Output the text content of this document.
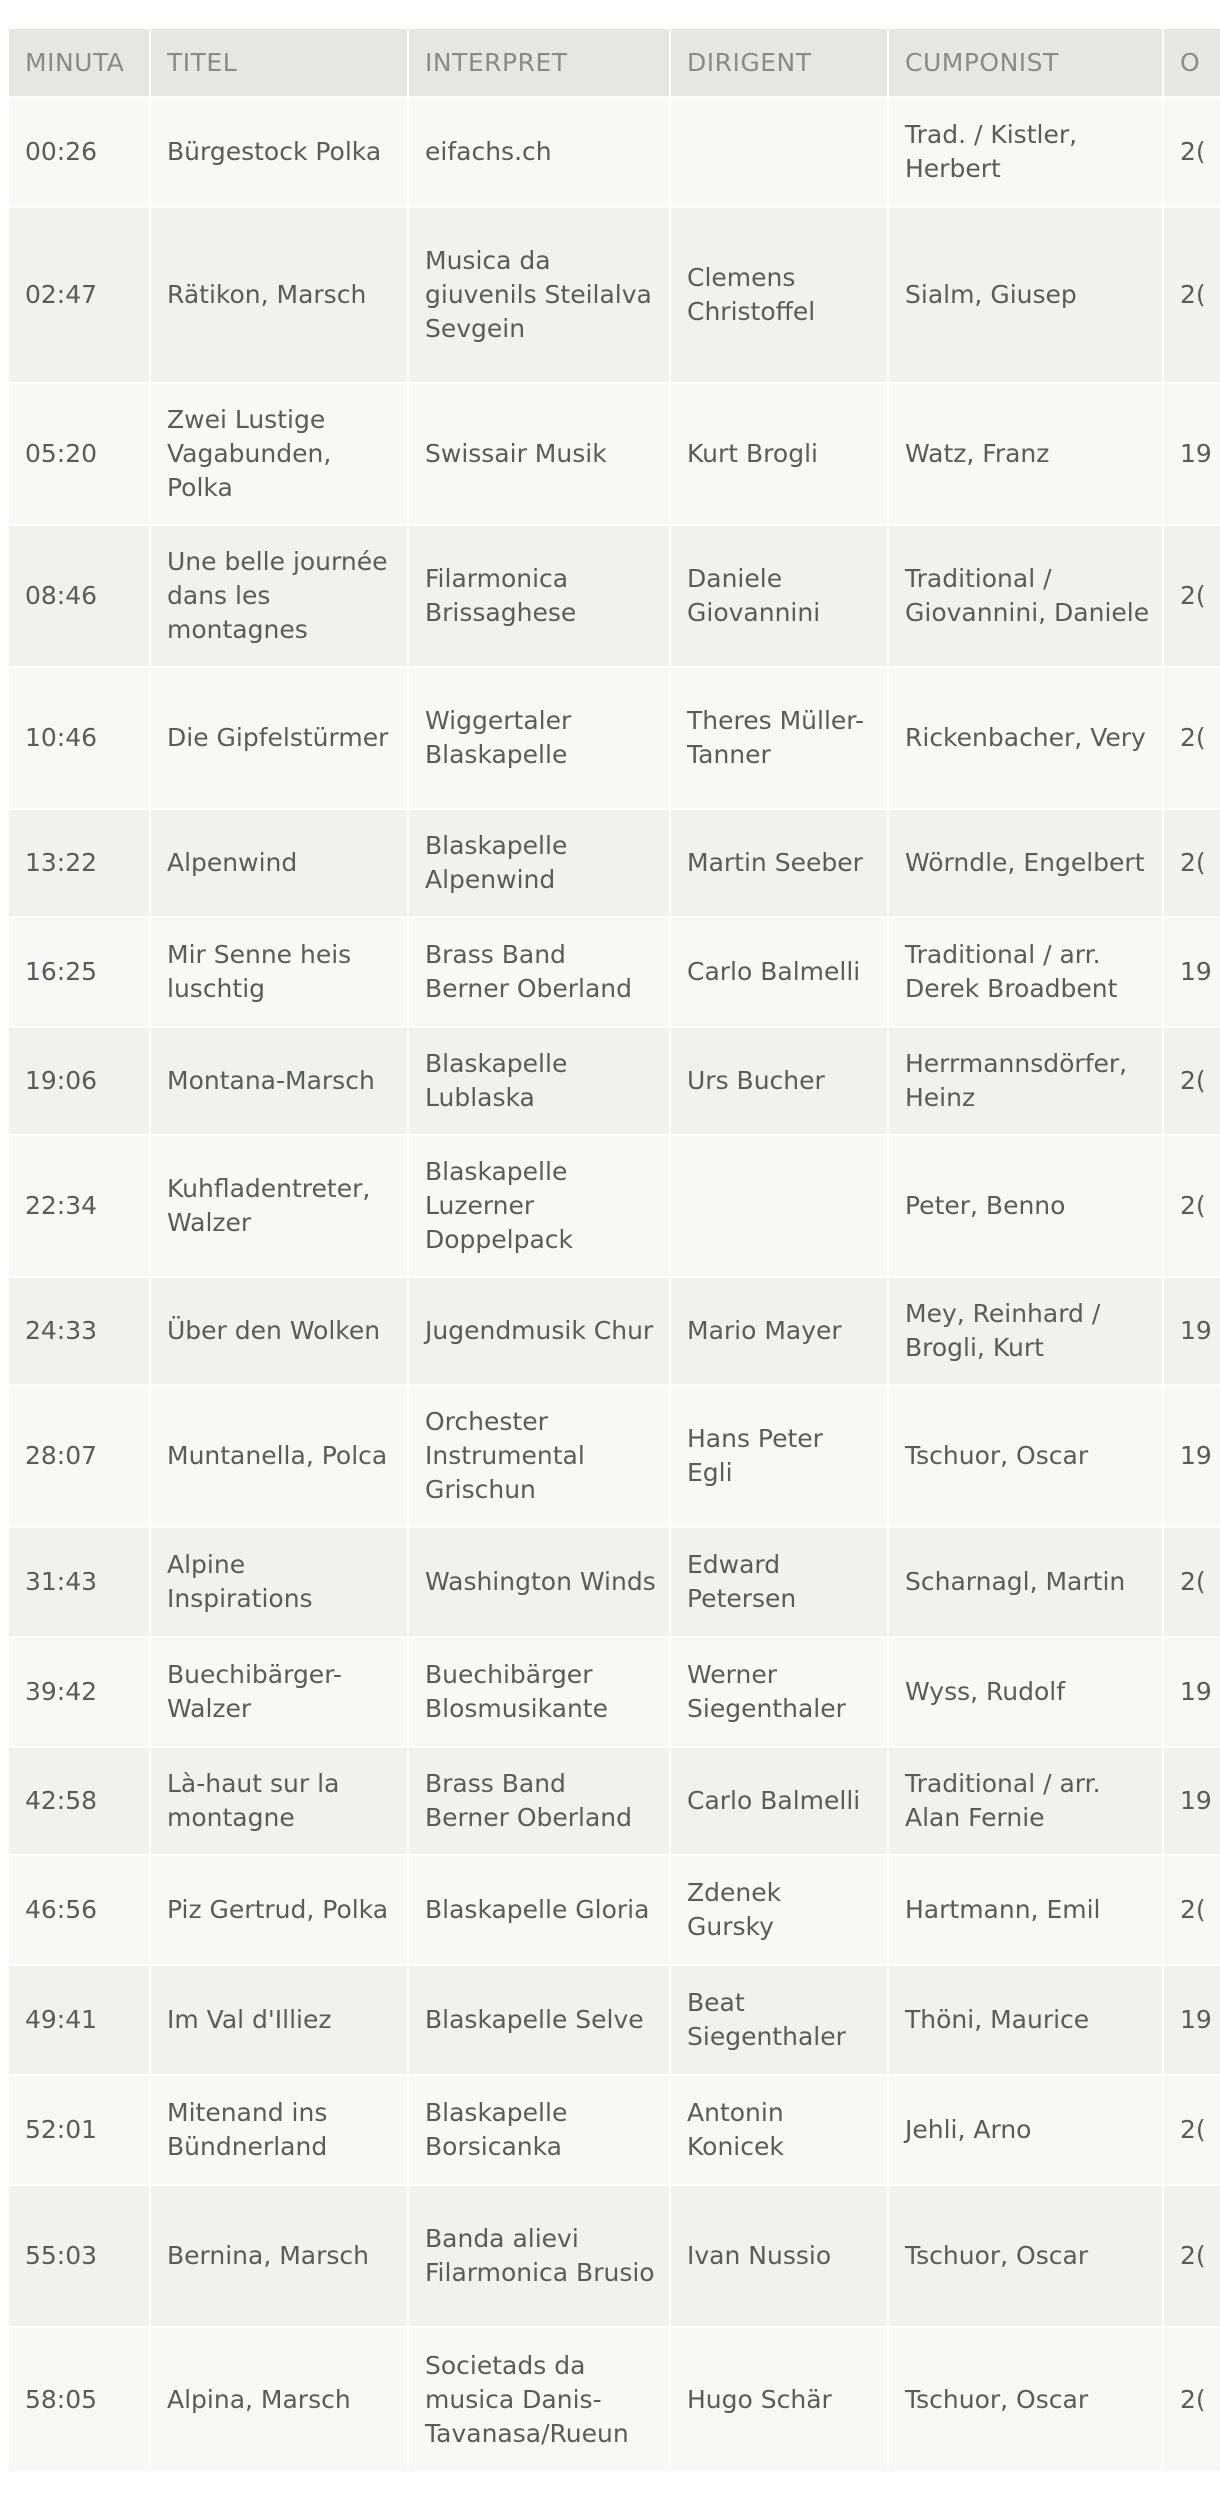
MINUTA	TITEL	INTERPRET	DIRIGENT	CUMPONIST	O
00:26	Bürgestock Polka	eifachs.ch		Trad. / Kistler, Herbert	2(
02:47	Rätikon, Marsch	Musica da giuvenils Steilalva Sevgein	Clemens Christoffel	Sialm, Giusep	2(
05:20	Zwei Lustige Vagabunden, Polka	Swissair Musik	Kurt Brogli	Watz, Franz	19
08:46	Une belle journée dans les montagnes	Filarmonica Brissaghese	Daniele Giovannini	Traditional / Giovannini, Daniele	2(
10:46	Die Gipfelstürmer	Wiggertaler Blaskapelle	Theres Müller-Tanner	Rickenbacher, Very	2(
13:22	Alpenwind	Blaskapelle Alpenwind	Martin Seeber	Wörndle, Engelbert	2(
16:25	Mir Senne heis luschtig	Brass Band Berner Oberland	Carlo Balmelli	Traditional / arr. Derek Broadbent	19
19:06	Montana-Marsch	Blaskapelle Lublaska	Urs Bucher	Herrmannsdörfer, Heinz	2(
22:34	Kuhfladentreter, Walzer	Blaskapelle Luzerner Doppelpack		Peter, Benno	2(
24:33	Über den Wolken	Jugendmusik Chur	Mario Mayer	Mey, Reinhard / Brogli, Kurt	19
28:07	Muntanella, Polca	Orchester Instrumental Grischun	Hans Peter Egli	Tschuor, Oscar	19
31:43	Alpine Inspirations	Washington Winds	Edward Petersen	Scharnagl, Martin	2(
39:42	Buechibärger-Walzer	Buechibärger Blosmusikante	Werner Siegenthaler	Wyss, Rudolf	19
42:58	Là-haut sur la montagne	Brass Band Berner Oberland	Carlo Balmelli	Traditional / arr. Alan Fernie	19
46:56	Piz Gertrud, Polka	Blaskapelle Gloria	Zdenek Gursky	Hartmann, Emil	2(
49:41	Im Val d'Illiez	Blaskapelle Selve	Beat Siegenthaler	Thöni, Maurice	19
52:01	Mitenand ins Bündnerland	Blaskapelle Borsicanka	Antonin Konicek	Jehli, Arno	2(
55:03	Bernina, Marsch	Banda alievi Filarmonica Brusio	Ivan Nussio	Tschuor, Oscar	2(
58:05	Alpina, Marsch	Societads da musica Danis-Tavanasa/Rueun	Hugo Schär	Tschuor, Oscar	2(
